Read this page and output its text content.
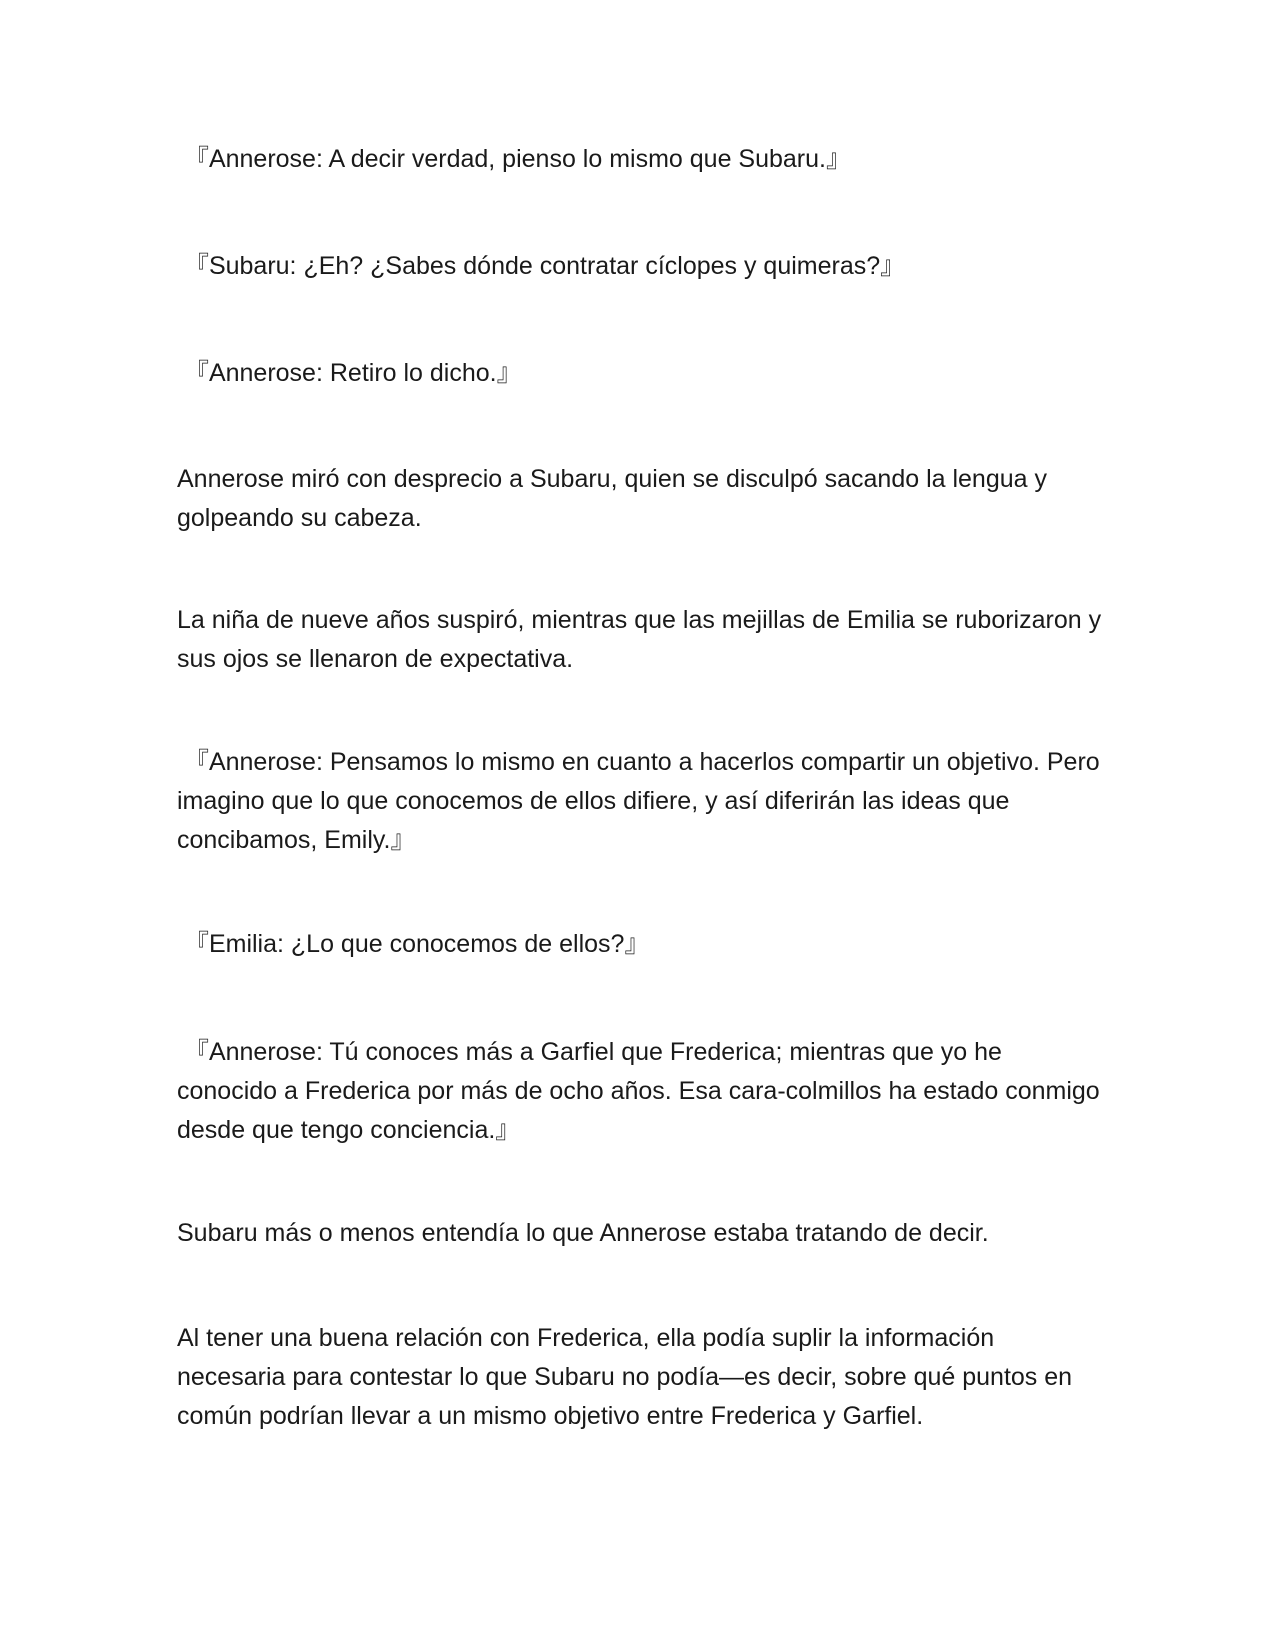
『Annerose: A decir verdad, pienso lo mismo que Subaru.』

『Subaru: ¿Eh? ¿Sabes dónde contratar cíclopes y quimeras?』

『Annerose: Retiro lo dicho.』

Annerose miró con desprecio a Subaru, quien se disculpó sacando la lengua y golpeando su cabeza.

La niña de nueve años suspiró, mientras que las mejillas de Emilia se ruborizaron y sus ojos se llenaron de expectativa.

『Annerose: Pensamos lo mismo en cuanto a hacerlos compartir un objetivo. Pero imagino que lo que conocemos de ellos difiere, y así diferirán las ideas que concibamos, Emily.』

『Emilia: ¿Lo que conocemos de ellos?』

『Annerose: Tú conoces más a Garfiel que Frederica; mientras que yo he conocido a Frederica por más de ocho años. Esa cara-colmillos ha estado conmigo desde que tengo conciencia.』

Subaru más o menos entendía lo que Annerose estaba tratando de decir.

Al tener una buena relación con Frederica, ella podía suplir la información necesaria para contestar lo que Subaru no podía—es decir, sobre qué puntos en común podrían llevar a un mismo objetivo entre Frederica y Garfiel.
